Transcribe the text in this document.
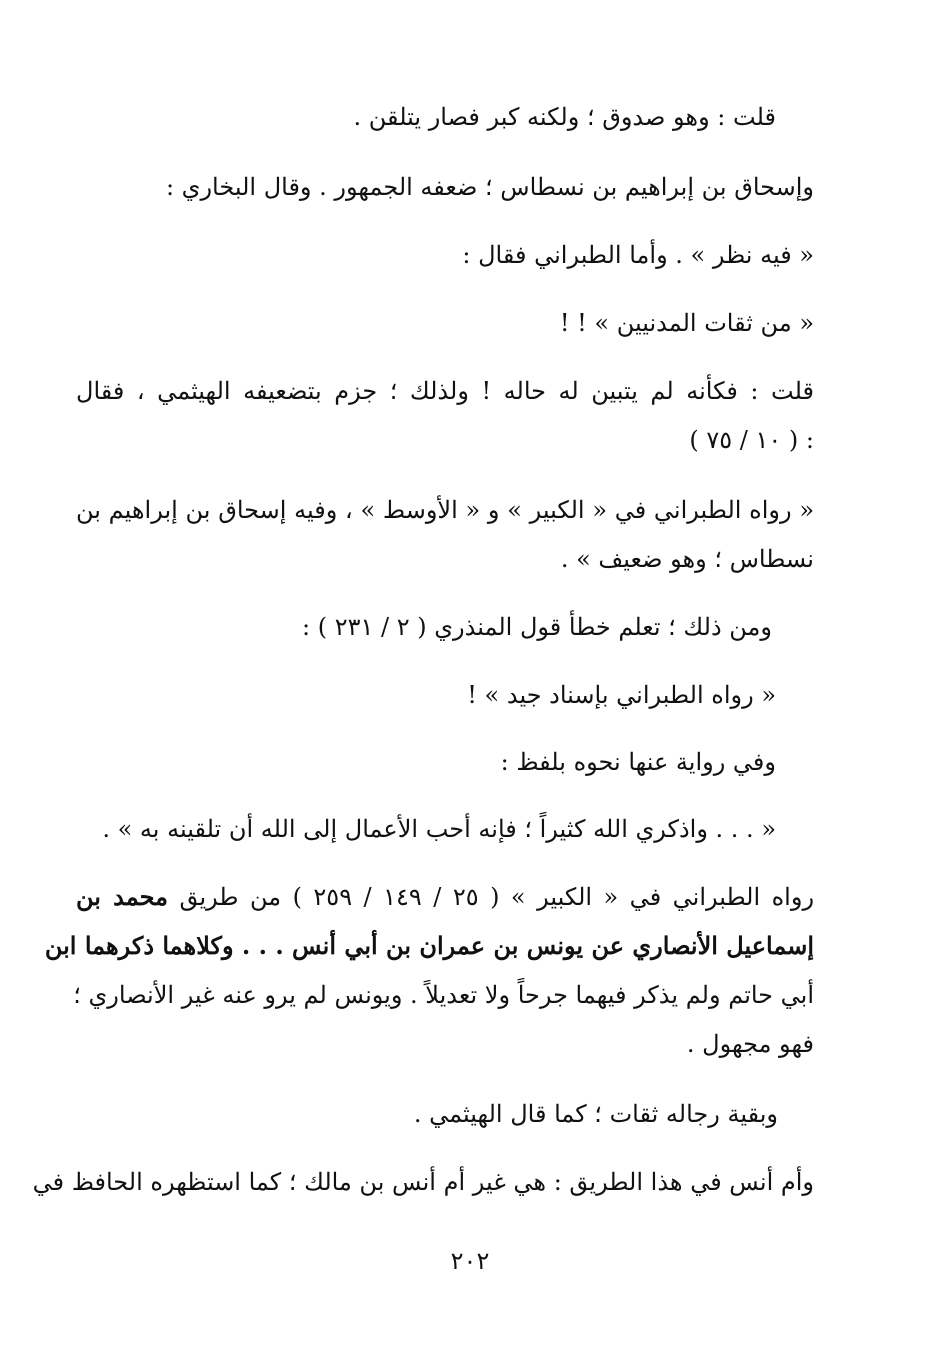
قلت : وهو صدوق ؛ ولكنه كبر فصار يتلقن .
وإسحاق بن إبراهيم بن نسطاس ؛ ضعفه الجمهور . وقال البخاري :
« فيه نظر » . وأما الطبراني فقال :
« من ثقات المدنيين » ! !
قلت : فكأنه لم يتبين له حاله ! ولذلك ؛ جزم بتضعيفه الهيثمي ، فقال
( ١٠ / ٧٥ ) :
« رواه الطبراني في « الكبير » و « الأوسط » ، وفيه إسحاق بن إبراهيم بن
نسطاس ؛ وهو ضعيف » .
ومن ذلك ؛ تعلم خطأ قول المنذري ( ٢ / ٢٣١ ) :
« رواه الطبراني بإسناد جيد » !
وفي رواية عنها نحوه بلفظ :
« . . . واذكري الله كثيراً ؛ فإنه أحب الأعمال إلى الله أن تلقينه به » .
رواه الطبراني في « الكبير » ( ٢٥ / ١٤٩ / ٢٥٩ ) من طريق محمد بن
إسماعيل الأنصاري عن يونس بن عمران بن أبي أنس . . . وكلاهما ذكرهما ابن
أبي حاتم ولم يذكر فيهما جرحاً ولا تعديلاً . ويونس لم يرو عنه غير الأنصاري ؛
فهو مجهول .
وبقية رجاله ثقات ؛ كما قال الهيثمي .
وأم أنس في هذا الطريق : هي غير أم أنس بن مالك ؛ كما استظهره الحافظ في
٢٠٢
